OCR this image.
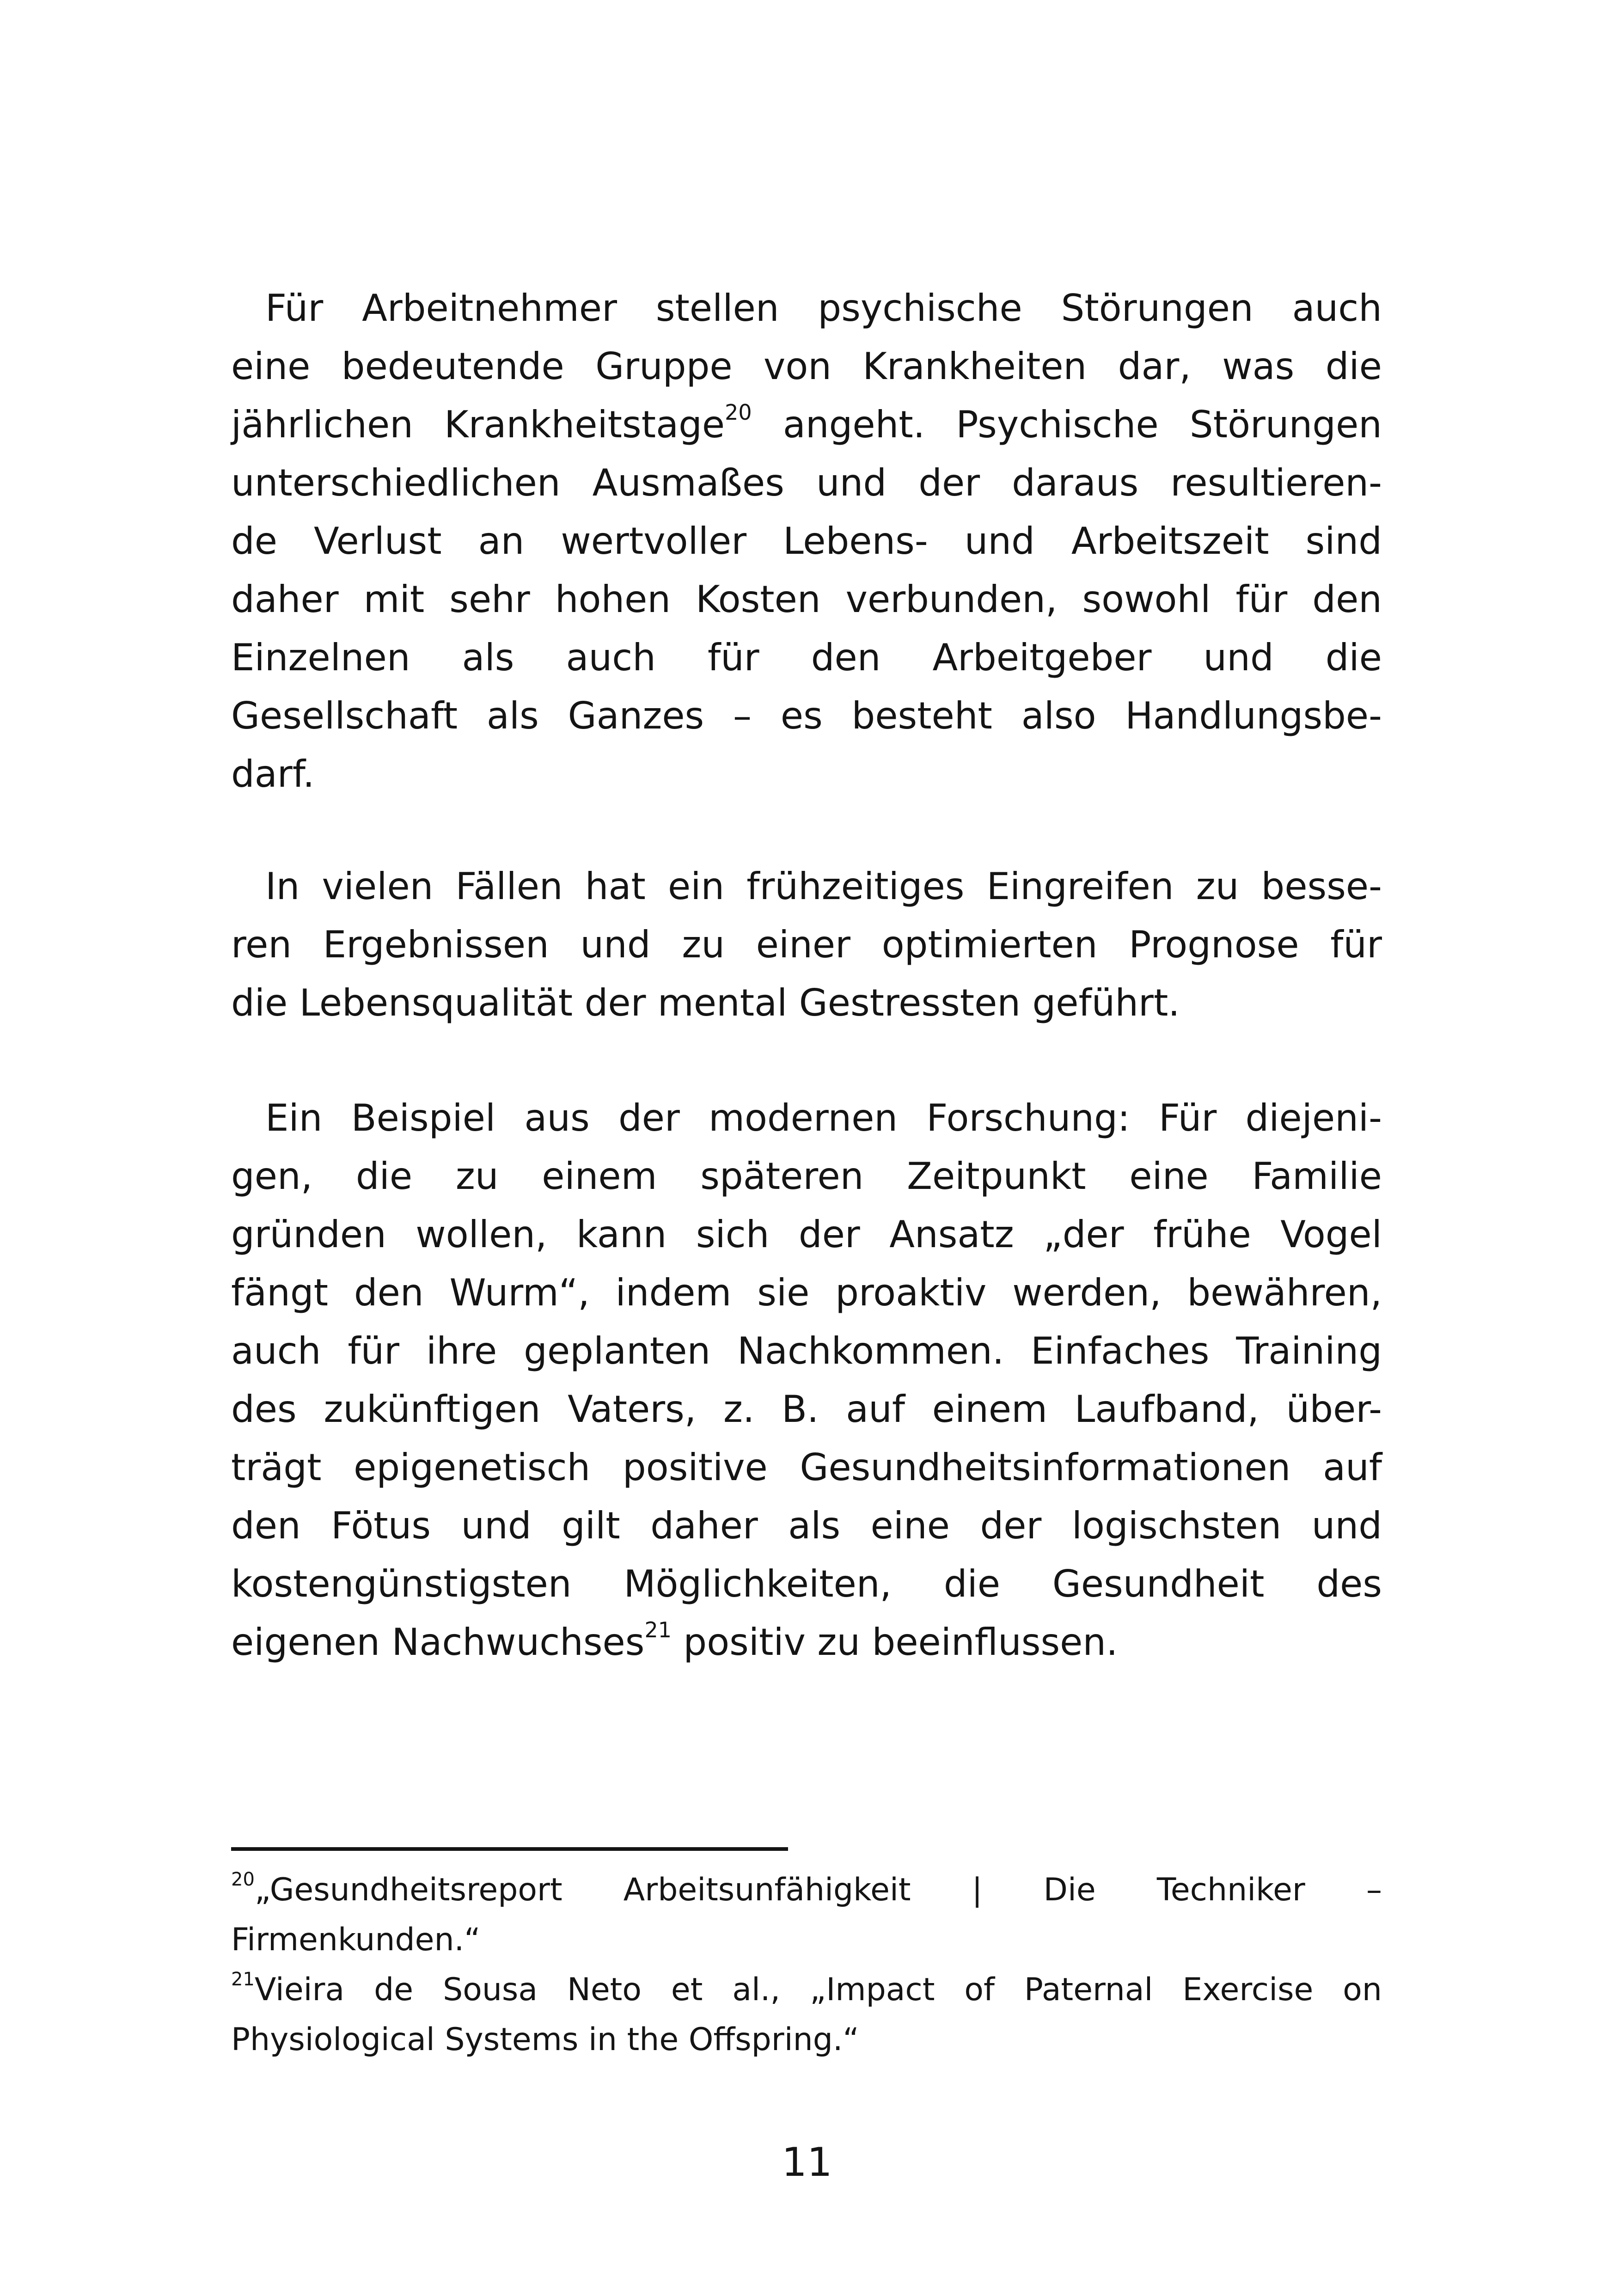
Für Arbeitnehmer stellen psychische Störungen auch
eine bedeutende Gruppe von Krankheiten dar, was die
jährlichen Krankheitstage$^{20}$ angeht. Psychische Störungen
unterschiedlichen Ausmaßes und der daraus resultieren-
de Verlust an wertvoller Lebens- und Arbeitszeit sind
daher mit sehr hohen Kosten verbunden, sowohl für den
Einzelnen als auch für den Arbeitgeber und die
Gesellschaft als Ganzes – es besteht also Handlungsbe-
darf.
In vielen Fällen hat ein frühzeitiges Eingreifen zu besse-
ren Ergebnissen und zu einer optimierten Prognose für
die Lebensqualität der mental Gestressten geführt.
Ein Beispiel aus der modernen Forschung: Für diejeni-
gen, die zu einem späteren Zeitpunkt eine Familie
gründen wollen, kann sich der Ansatz „der frühe Vogel
fängt den Wurm“, indem sie proaktiv werden, bewähren,
auch für ihre geplanten Nachkommen. Einfaches Training
des zukünftigen Vaters, z. B. auf einem Laufband, über-
trägt epigenetisch positive Gesundheitsinformationen auf
den Fötus und gilt daher als eine der logischsten und
kostengünstigsten Möglichkeiten, die Gesundheit des
eigenen Nachwuchses$^{21}$ positiv zu beeinflussen.
$^{20}$„Gesundheitsreport Arbeitsunfähigkeit | Die Techniker –
Firmenkunden.“
$^{21}$Vieira de Sousa Neto et al., „Impact of Paternal Exercise on
Physiological Systems in the Offspring.“
11
